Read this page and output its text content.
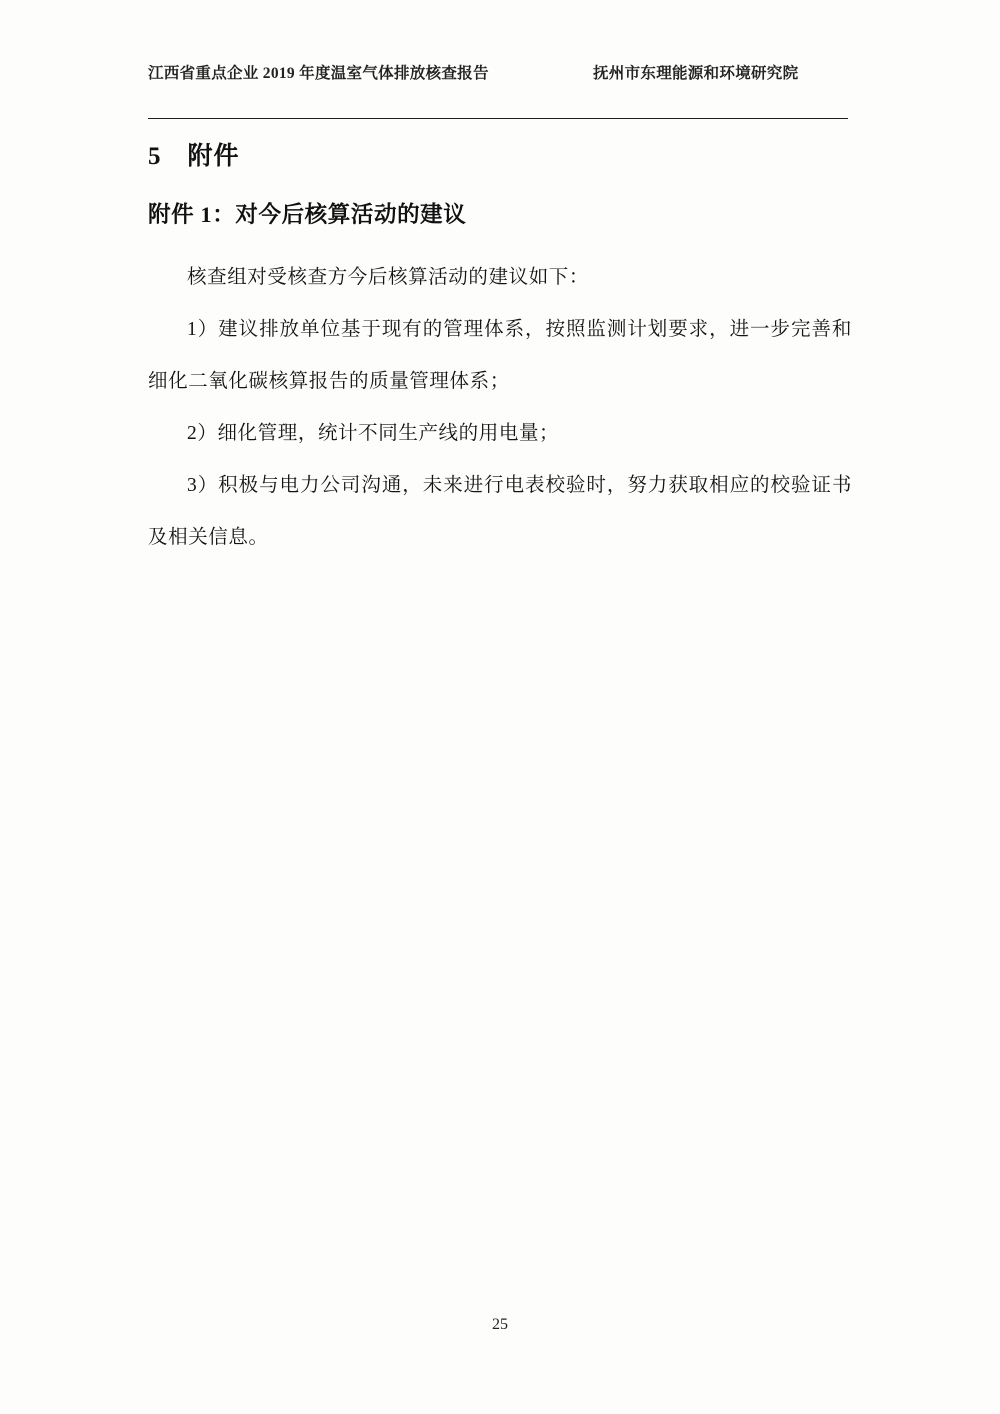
江西省重点企业 2019 年度温室气体排放核查报告	抚州市东理能源和环境研究院
5 附件
附件 1：对今后核算活动的建议

核查组对受核查方今后核算活动的建议如下：

1）建议排放单位基于现有的管理体系，按照监测计划要求，进一步完善和细化二氧化碳核算报告的质量管理体系；

2）细化管理，统计不同生产线的用电量；

3）积极与电力公司沟通，未来进行电表校验时，努力获取相应的校验证书及相关信息。

25
